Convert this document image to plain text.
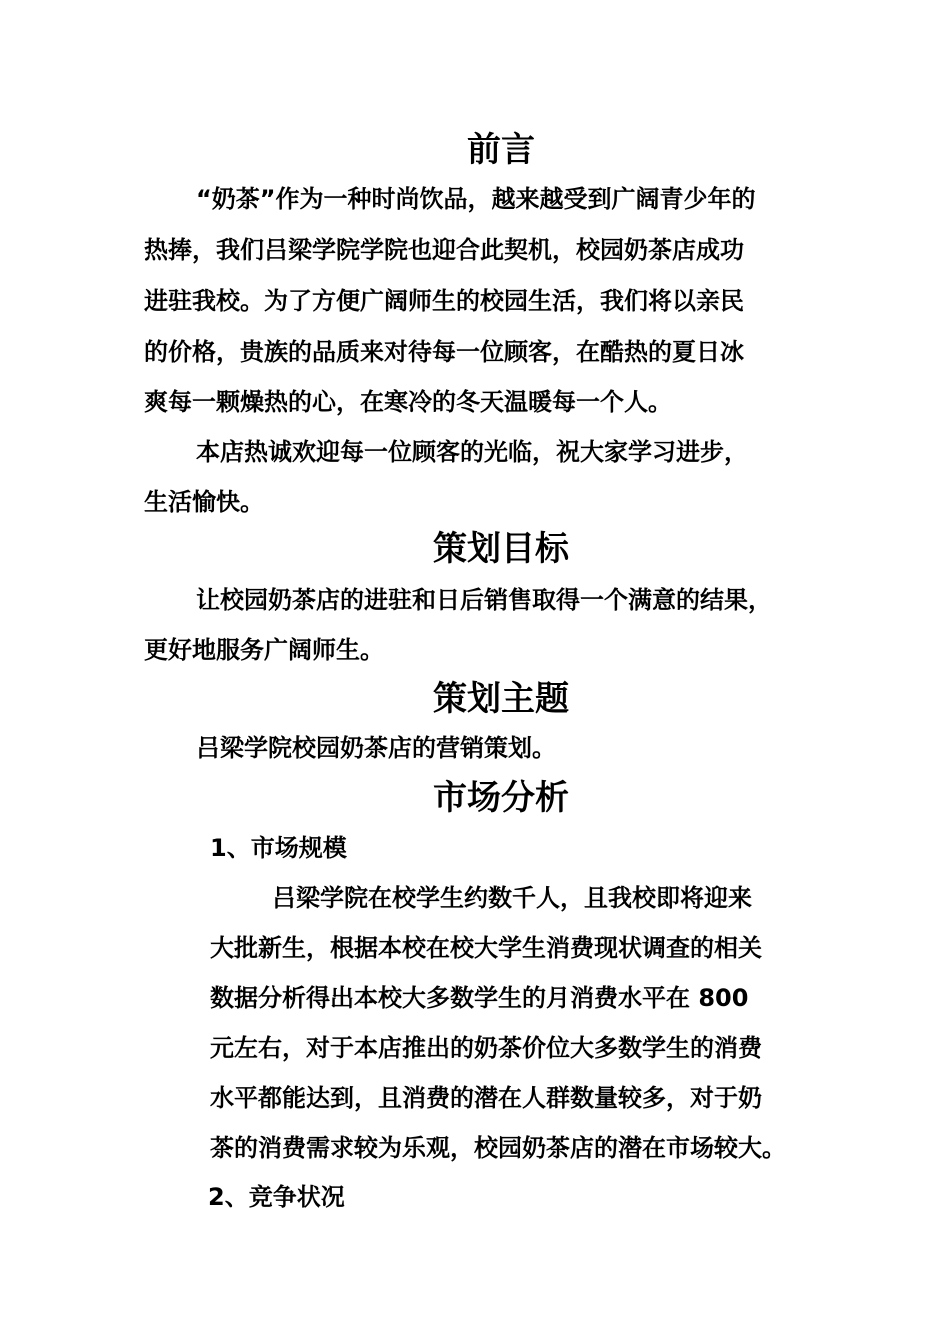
前言
“奶茶”作为一种时尚饮品，越来越受到广阔青少年的
热捧，我们吕梁学院学院也迎合此契机，校园奶茶店成功
进驻我校。为了方便广阔师生的校园生活，我们将以亲民
的价格，贵族的品质来对待每一位顾客，在酷热的夏日冰
爽每一颗燥热的心，在寒冷的冬天温暖每一个人。
本店热诚欢迎每一位顾客的光临，祝大家学习进步，
生活愉快。
策划目标
让校园奶茶店的进驻和日后销售取得一个满意的结果，
更好地服务广阔师生。
策划主题
吕梁学院校园奶茶店的营销策划。
市场分析
1、市场规模
吕梁学院在校学生约数千人，且我校即将迎来
大批新生，根据本校在校大学生消费现状调查的相关
数据分析得出本校大多数学生的月消费水平在 800
元左右，对于本店推出的奶茶价位大多数学生的消费
水平都能达到，且消费的潜在人群数量较多，对于奶
茶的消费需求较为乐观，校园奶茶店的潜在市场较大。
2、竞争状况
